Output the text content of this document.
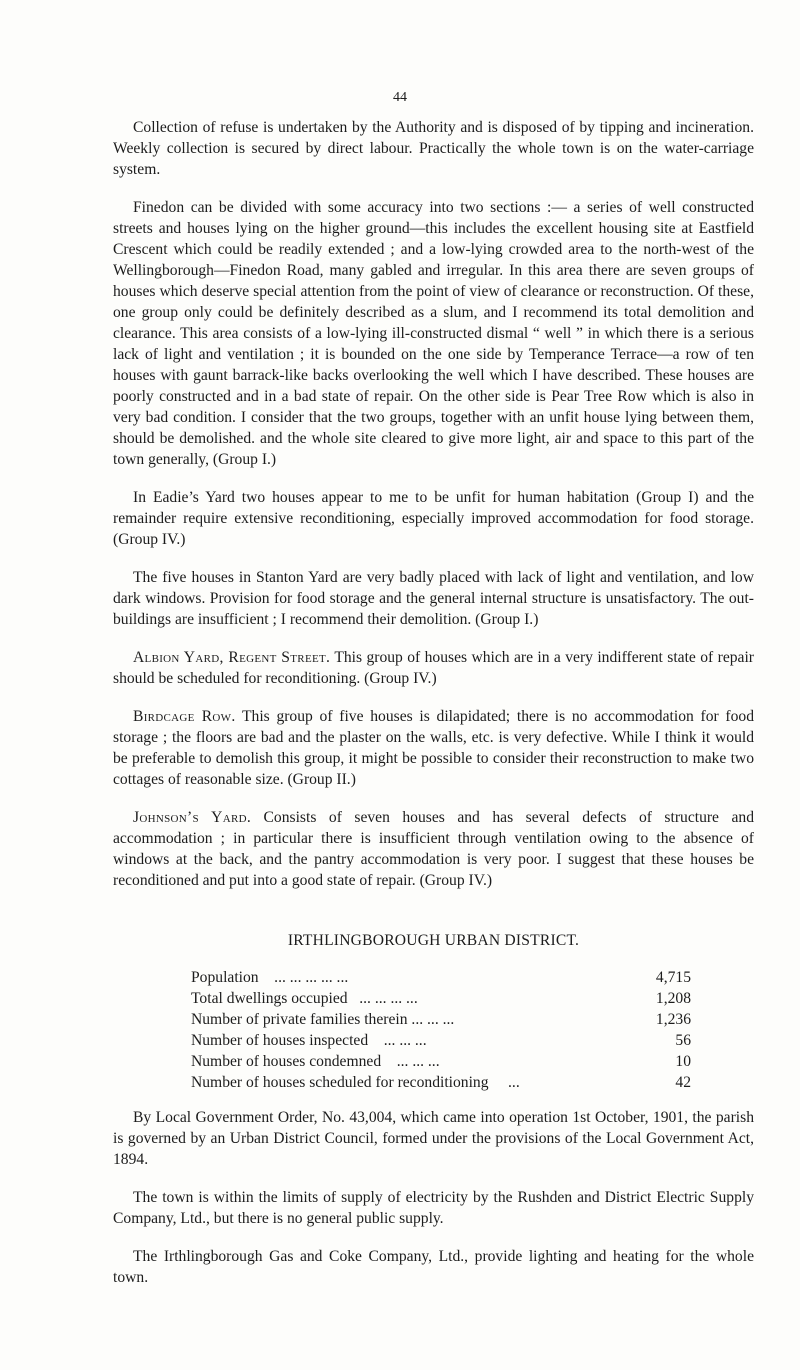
44

Collection of refuse is undertaken by the Authority and is disposed of by tipping and incineration. Weekly collection is secured by direct labour. Practically the whole town is on the water-carriage system.

Finedon can be divided with some accuracy into two sections :— a series of well constructed streets and houses lying on the higher ground—this includes the excellent housing site at Eastfield Crescent which could be readily extended ; and a low-lying crowded area to the north-west of the Wellingborough—Finedon Road, many gabled and irregular. In this area there are seven groups of houses which deserve special attention from the point of view of clearance or reconstruction. Of these, one group only could be definitely described as a slum, and I recommend its total demolition and clearance. This area consists of a low-lying ill-constructed dismal “ well ” in which there is a serious lack of light and ventilation ; it is bounded on the one side by Temperance Terrace—a row of ten houses with gaunt barrack-like backs overlooking the well which I have described. These houses are poorly constructed and in a bad state of repair. On the other side is Pear Tree Row which is also in very bad condition. I consider that the two groups, together with an unfit house lying between them, should be demolished. and the whole site cleared to give more light, air and space to this part of the town generally, (Group I.)

In Eadie’s Yard two houses appear to me to be unfit for human habitation (Group I) and the remainder require extensive reconditioning, especially improved accommodation for food storage. (Group IV.)

The five houses in Stanton Yard are very badly placed with lack of light and ventilation, and low dark windows. Provision for food storage and the general internal structure is unsatisfactory. The out-buildings are insufficient ; I recommend their demolition. (Group I.)

Albion Yard, Regent Street. This group of houses which are in a very indifferent state of repair should be scheduled for reconditioning. (Group IV.)

Birdcage Row. This group of five houses is dilapidated; there is no accommodation for food storage ; the floors are bad and the plaster on the walls, etc. is very defective. While I think it would be preferable to demolish this group, it might be possible to consider their reconstruction to make two cottages of reasonable size. (Group II.)

Johnson’s Yard. Consists of seven houses and has several defects of structure and accommodation ; in particular there is insufficient through ventilation owing to the absence of windows at the back, and the pantry accommodation is very poor. I suggest that these houses be reconditioned and put into a good state of repair. (Group IV.)

IRTHLINGBOROUGH URBAN DISTRICT.
Population ... ... ... ... ...	4,715
Total dwellings occupied ... ... ... ...	1,208
Number of private families therein ... ... ...	1,236
Number of houses inspected ... ... ...	56
Number of houses condemned ... ... ...	10
Number of houses scheduled for reconditioning ...	42

By Local Government Order, No. 43,004, which came into operation 1st October, 1901, the parish is governed by an Urban District Council, formed under the provisions of the Local Government Act, 1894.

The town is within the limits of supply of electricity by the Rushden and District Electric Supply Company, Ltd., but there is no general public supply.

The Irthlingborough Gas and Coke Company, Ltd., provide lighting and heating for the whole town.
